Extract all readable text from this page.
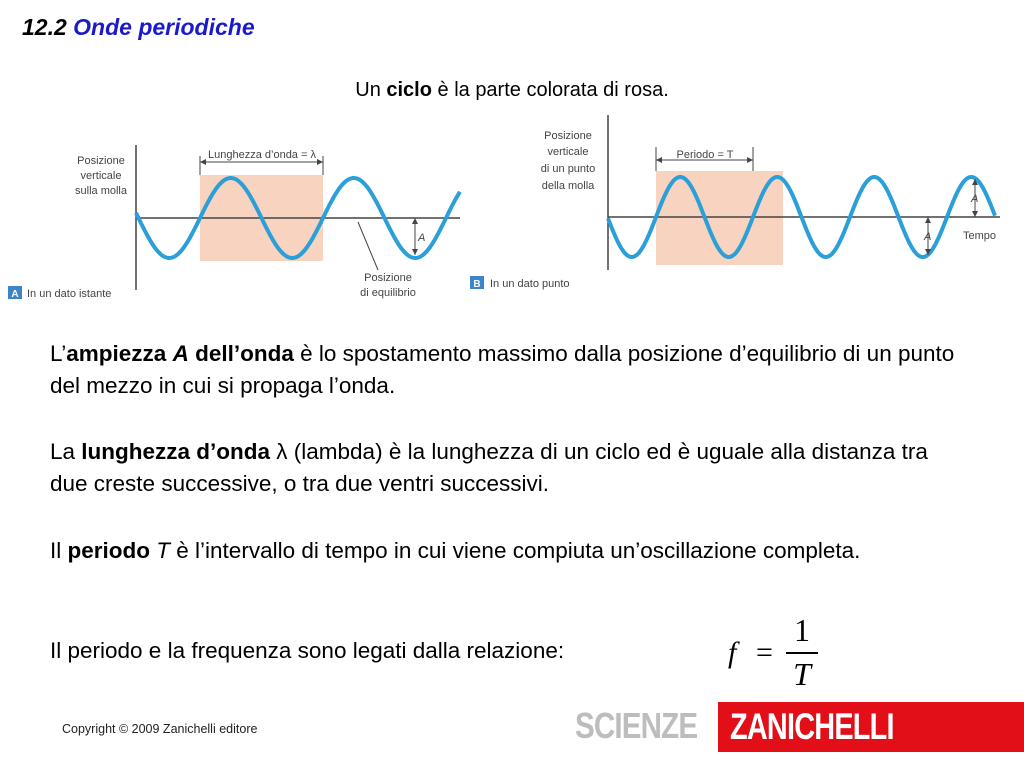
12.2 Onde periodiche
Un ciclo è la parte colorata di rosa.
Posizione
verticale
sulla molla
Lunghezza d’onda = λ
A
Posizione
di equilibrio
A In un dato istante
Posizione
verticale
di un punto
della molla
Periodo = T
A
A	Tempo
B In un dato punto

L’ampiezza A dell’onda è lo spostamento massimo dalla posizione d’equilibrio di un punto del mezzo in cui si propaga l’onda.

La lunghezza d’onda λ (lambda) è la lunghezza di un ciclo ed è uguale alla distanza tra due creste successive, o tra due ventri successivi.

Il periodo T è l’intervallo di tempo in cui viene compiuta un’oscillazione completa.

Il periodo e la frequenza sono legati dalla relazione:	f =
1
T
Copyright © 2009 Zanichelli editore	SCIENZE ZANICHELLI
